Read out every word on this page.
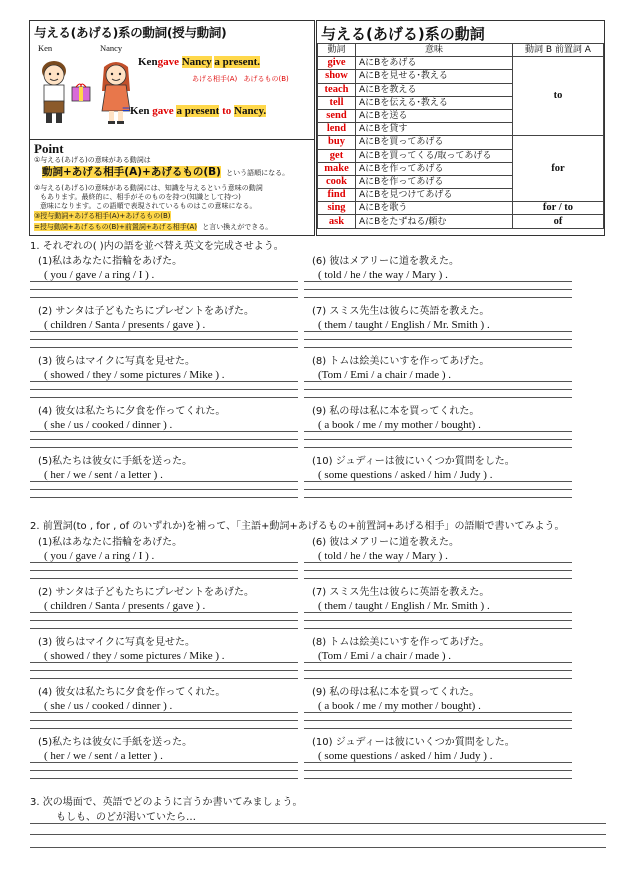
与える(あげる)系の動詞(授与動詞)
Ken	Nancy
Kengave Nancy a present.
あげる相手(A) あげるもの(B)
=Ken gave a present to Nancy.
Point
①与える(あげる)の意味がある動詞は
動詞+あげる相手(A)+あげるもの(B) という語順になる。
②与える(あげる)の意味がある動詞には、知識を与えるという意味の動詞
もあります。最終的に、相手がそのものを持つ(知識として持つ)
意味になります。この語順で表現されているものはこの意味になる。
③授与動詞+あげる相手(A)+あげるもの(B)
=授与動詞+あげるもの(B)+前置詞+あげる相手(A) と言い換えができる。
与える(あげる)系の動詞
動詞	意味	動詞 B 前置詞 A
give	AにBをあげる	to
show	AにBを見せる･教える	
teach	AにBを教える	
tell	AにBを伝える･教える	
send	AにBを送る	
lend	AにBを貸す	
buy	AにBを買ってあげる	for
get	AにBを買ってくる/取ってあげる	
make	AにBを作ってあげる	
cook	AにBを作ってあげる	
find	AにBを見つけてあげる	
sing	AにBを歌う	for / to
ask	AにBをたずねる/頼む	of
1. それぞれの( )内の語を並べ替え英文を完成させよう。
(1)私はあなたに指輪をあげた。
( you / gave / a ring / I ) .
(2) サンタは子どもたちにプレゼントをあげた。
( children / Santa / presents / gave ) .
(3) 彼らはマイクに写真を見せた。
( showed / they / some pictures / Mike ) .
(4) 彼女は私たちに夕食を作ってくれた。
( she / us / cooked / dinner ) .
(5)私たちは彼女に手紙を送った。
( her / we / sent / a letter ) .
(6) 彼はメアリーに道を教えた。
( told / he / the way / Mary ) .
(7) スミス先生は彼らに英語を教えた。
( them / taught / English / Mr. Smith ) .
(8) トムは絵美にいすを作ってあげた。
(Tom / Emi / a chair / made ) .
(9) 私の母は私に本を買ってくれた。
( a book / me / my mother / bought) .
(10) ジュディーは彼にいくつか質問をした。
( some questions / asked / him / Judy ) .
2. 前置詞(to , for , of のいずれか)を補って、「主語+動詞+あげるもの+前置詞+あげる相手」の語順で書いてみよう。
(1)私はあなたに指輪をあげた。
( you / gave / a ring / I ) .
(2) サンタは子どもたちにプレゼントをあげた。
( children / Santa / presents / gave ) .
(3) 彼らはマイクに写真を見せた。
( showed / they / some pictures / Mike ) .
(4) 彼女は私たちに夕食を作ってくれた。
( she / us / cooked / dinner ) .
(5)私たちは彼女に手紙を送った。
( her / we / sent / a letter ) .
(6) 彼はメアリーに道を教えた。
( told / he / the way / Mary ) .
(7) スミス先生は彼らに英語を教えた。
( them / taught / English / Mr. Smith ) .
(8) トムは絵美にいすを作ってあげた。
(Tom / Emi / a chair / made ) .
(9) 私の母は私に本を買ってくれた。
( a book / me / my mother / bought) .
(10) ジュディーは彼にいくつか質問をした。
( some questions / asked / him / Judy ) .
3. 次の場面で、英語でどのように言うか書いてみましょう。
もしも、のどが渇いていたら…
